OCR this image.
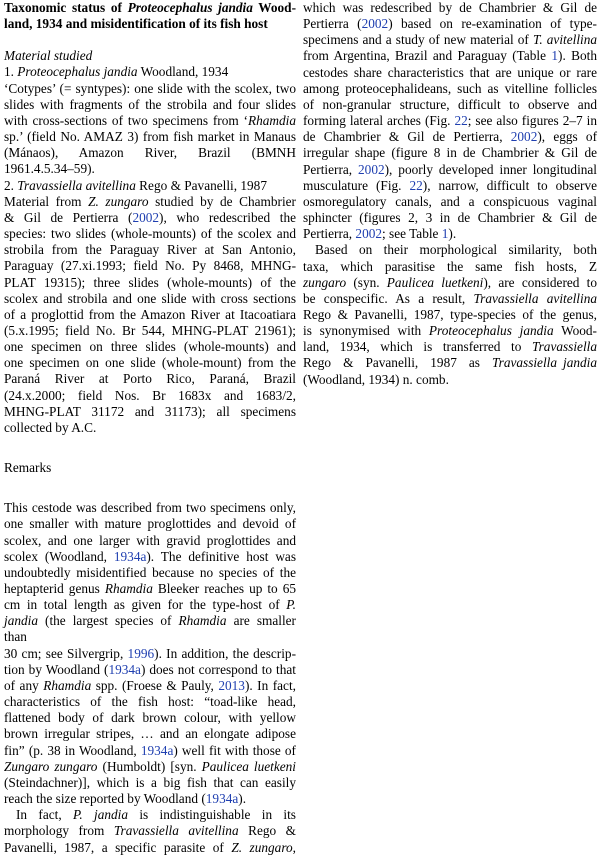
Taxonomic status of Proteocephalus jandia Wood-
land, 1934 and misidentification of its fish host
Material studied
1. Proteocephalus jandia Woodland, 1934
‘Cotypes’ (= syntypes): one slide with the scolex, two
slides with fragments of the strobila and four slides
with cross-sections of two specimens from ‘Rhamdia
sp.’ (field No. AMAZ 3) from fish market in Manaus
(Mánaos),      Amazon      River,      Brazil      (BMNH
1961.4.5.34–59).
2. Travassiella avitellina Rego & Pavanelli, 1987
Material from Z. zungaro studied by de Chambrier
& Gil de Pertierra (2002), who redescribed the
species: two slides (whole-mounts) of the scolex and
strobila from the Paraguay River at San Antonio,
Paraguay (27.xi.1993; field No. Py 8468, MHNG-
PLAT 19315); three slides (whole-mounts) of the
scolex and strobila and one slide with cross sections
of a proglottid from the Amazon River at Itacoatiara
(5.x.1995; field No. Br 544, MHNG-PLAT 21961);
one specimen on three slides (whole-mounts) and
one specimen on one slide (whole-mount) from the
Paraná   River   at   Porto   Rico,   Paraná,   Brazil
(24.x.2000;   field   Nos.   Br   1683x   and   1683/2,
MHNG-PLAT  31172  and  31173);  all  specimens
collected by A.C.
Remarks
This cestode was described from two specimens only,
one smaller with mature proglottides and devoid of
scolex, and one larger with gravid proglottides and
scolex (Woodland, 1934a). The definitive host was
undoubtedly misidentified because no species of the
heptapterid genus Rhamdia Bleeker reaches up to 65
cm in total length as given for the type-host of P.
jandia (the largest species of Rhamdia are smaller than
30 cm; see Silvergrip, 1996). In addition, the descrip-
tion by Woodland (1934a) does not correspond to that
of any Rhamdia spp. (Froese & Pauly, 2013). In fact,
characteristics  of  the  fish  host:  “toad-like  head,
flattened body of dark brown colour, with yellow
brown irregular stripes, … and an elongate adipose
fin” (p. 38 in Woodland, 1934a) well fit with those of
Zungaro zungaro (Humboldt) [syn. Paulicea luetkeni
(Steindachner)], which is a big fish that can easily
reach the size reported by Woodland (1934a).
In fact, P. jandia is indistinguishable in its
morphology from Travassiella avitellina Rego &
Pavanelli, 1987, a specific parasite of Z. zungaro,
which was redescribed by de Chambrier & Gil de
Pertierra (2002) based on re-examination of type-
specimens and a study of new material of T. avitellina
from Argentina, Brazil and Paraguay (Table 1). Both
cestodes share characteristics that are unique or rare
among proteocephalideans, such as vitelline follicles
of non-granular structure, difficult to observe and
forming lateral arches (Fig. 22; see also figures 2–7 in
de Chambrier & Gil de Pertierra, 2002), eggs of
irregular shape (figure 8 in de Chambrier & Gil de
Pertierra, 2002), poorly developed inner longitudinal
musculature (Fig. 22), narrow, difficult to observe
osmoregulatory canals, and a conspicuous vaginal
sphincter (figures 2, 3 in de Chambrier & Gil de
Pertierra, 2002; see Table 1).
Based on their morphological similarity, both
taxa, which parasitise the same fish hosts, Z
zungaro (syn. Paulicea luetkeni), are considered to
be conspecific. As a result, Travassiella avitellina
Rego & Pavanelli, 1987, type-species of the genus,
is synonymised with Proteocephalus jandia Wood-
land,  1934,  which  is  transferred  to  Travassiella
Rego  &  Pavanelli,  1987  as  Travassiella jandia
(Woodland, 1934) n. comb.
